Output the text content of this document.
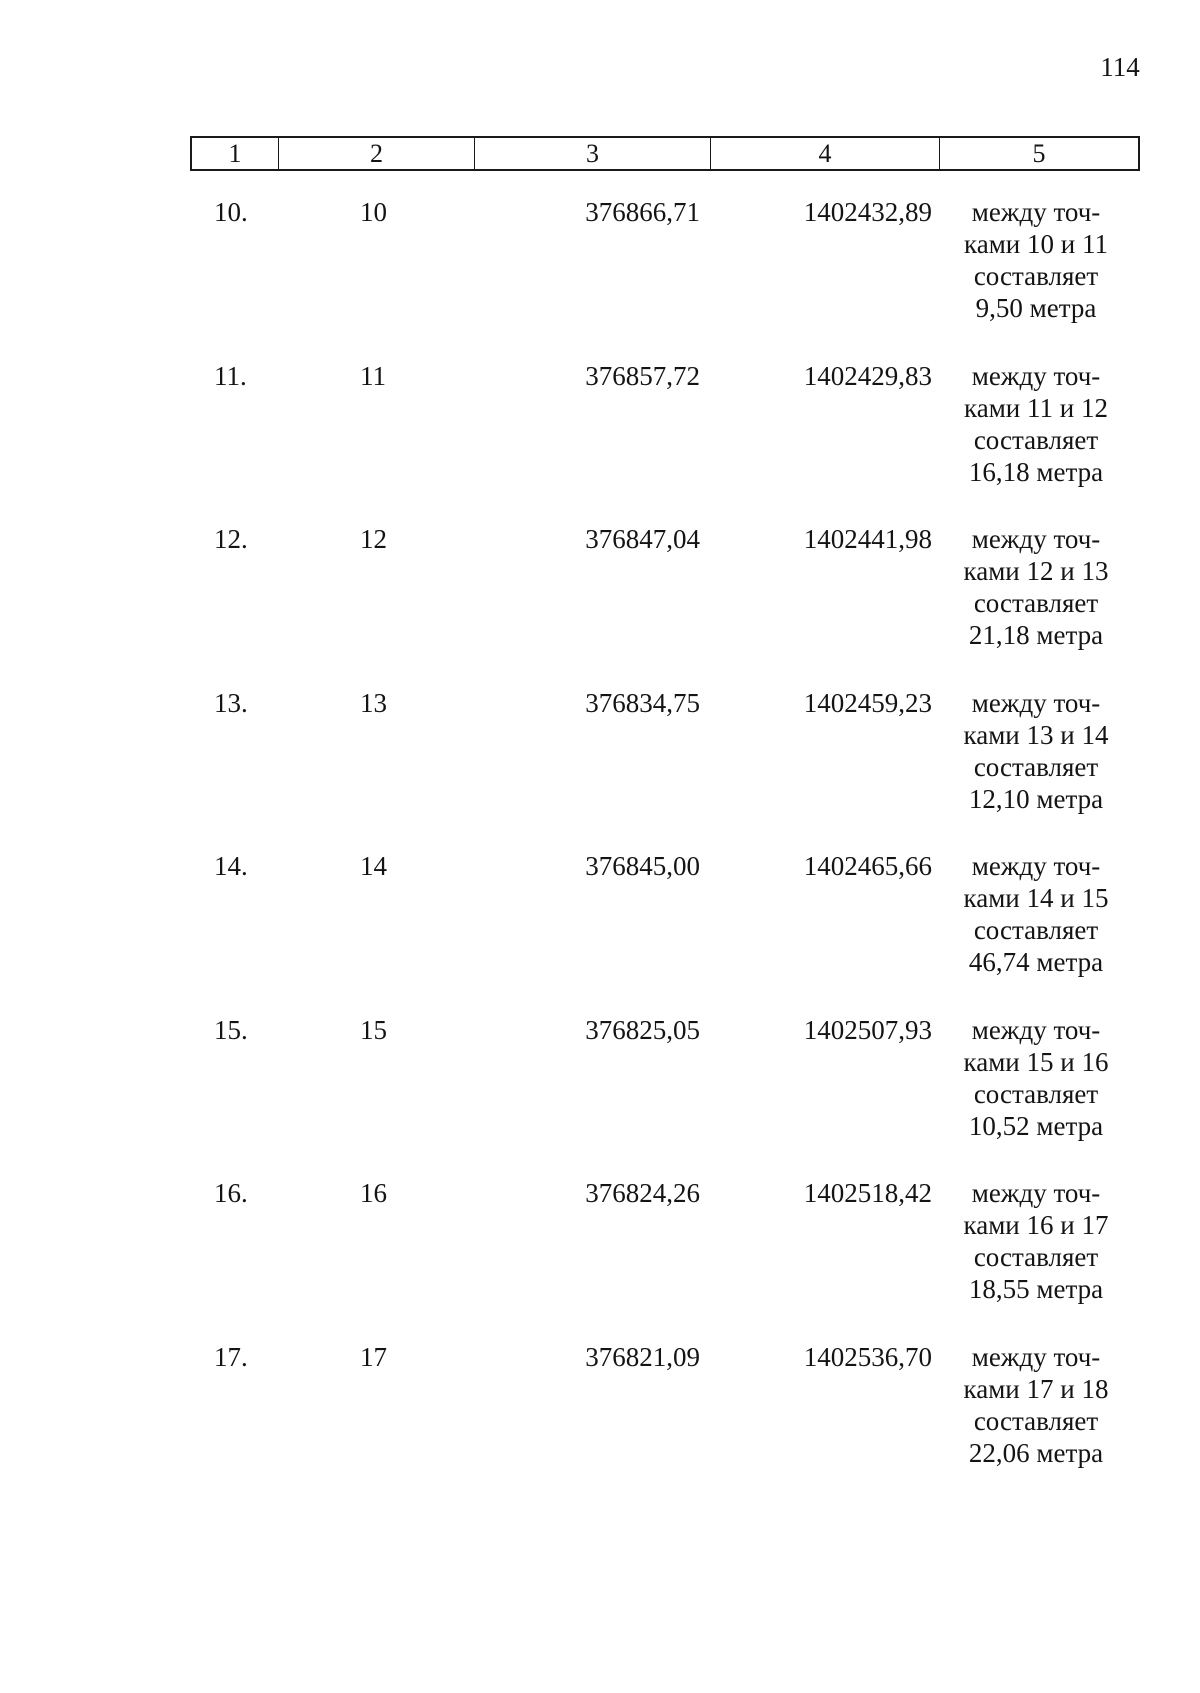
114
1	2	3	4	5
10.	10	376866,71	1402432,89	между точ-
ками 10 и 11
составляет
9,50 метра
11.	11	376857,72	1402429,83	между точ-
ками 11 и 12
составляет
16,18 метра
12.	12	376847,04	1402441,98	между точ-
ками 12 и 13
составляет
21,18 метра
13.	13	376834,75	1402459,23	между точ-
ками 13 и 14
составляет
12,10 метра
14.	14	376845,00	1402465,66	между точ-
ками 14 и 15
составляет
46,74 метра
15.	15	376825,05	1402507,93	между точ-
ками 15 и 16
составляет
10,52 метра
16.	16	376824,26	1402518,42	между точ-
ками 16 и 17
составляет
18,55 метра
17.	17	376821,09	1402536,70	между точ-
ками 17 и 18
составляет
22,06 метра
